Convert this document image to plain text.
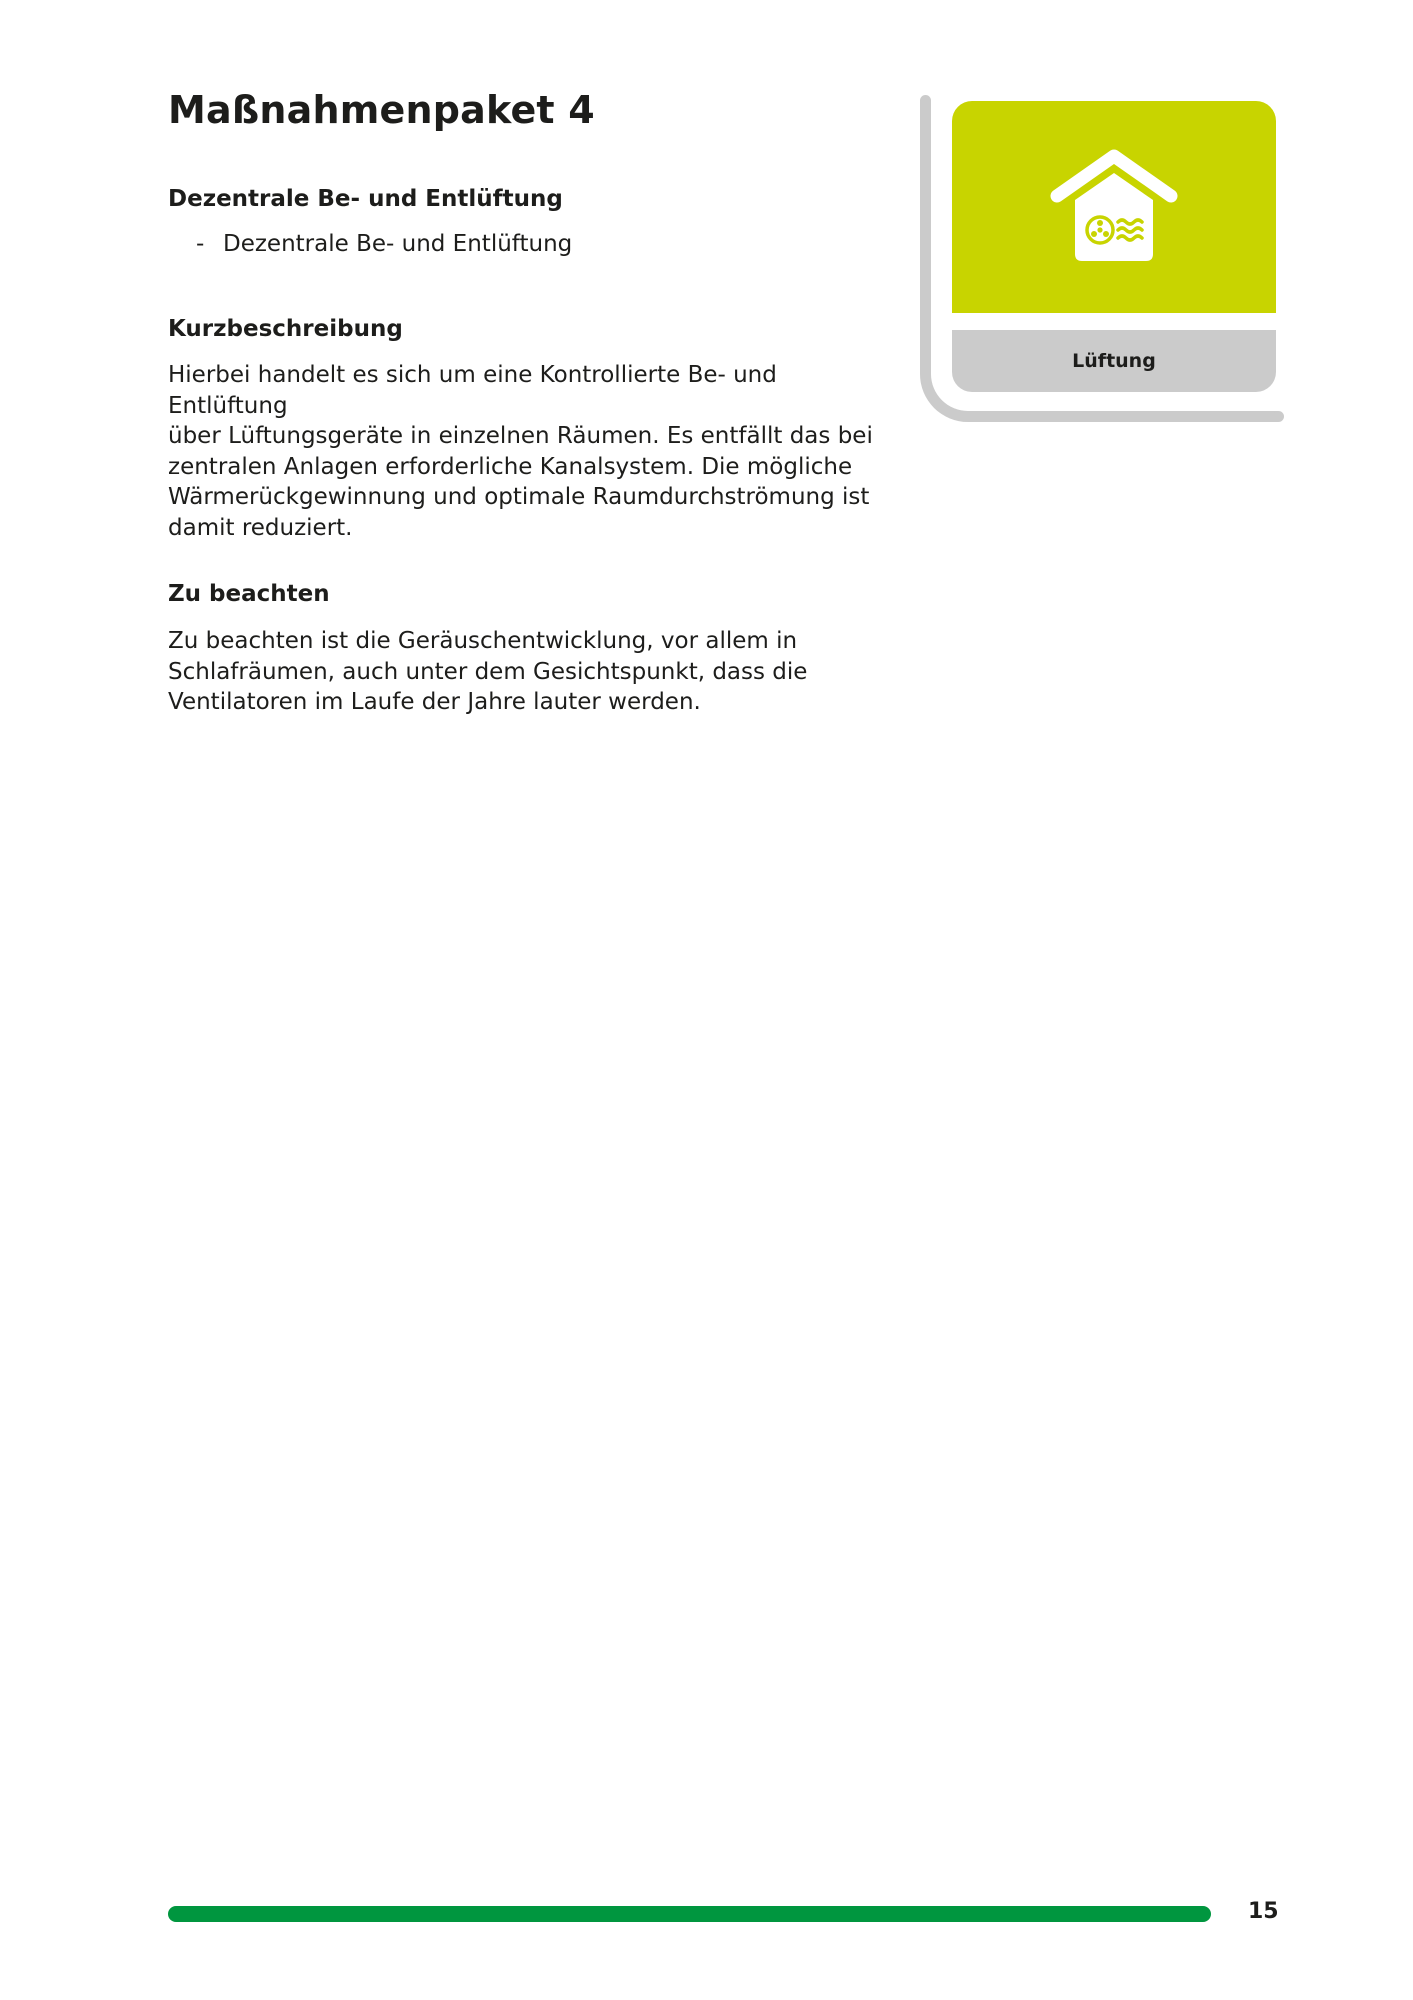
Maßnahmenpaket 4
Dezentrale Be- und Entlüftung
- Dezentrale Be- und Entlüftung
Kurzbeschreibung
Hierbei handelt es sich um eine Kontrollierte Be- und Entlüftung
über Lüftungsgeräte in einzelnen Räumen. Es entfällt das bei
zentralen Anlagen erforderliche Kanalsystem. Die mögliche
Wärmerückgewinnung und optimale Raumdurchströmung ist
damit reduziert.
Zu beachten
Zu beachten ist die Geräuschentwicklung, vor allem in
Schlafräumen, auch unter dem Gesichtspunkt, dass die
Ventilatoren im Laufe der Jahre lauter werden.
Lüftung
15
